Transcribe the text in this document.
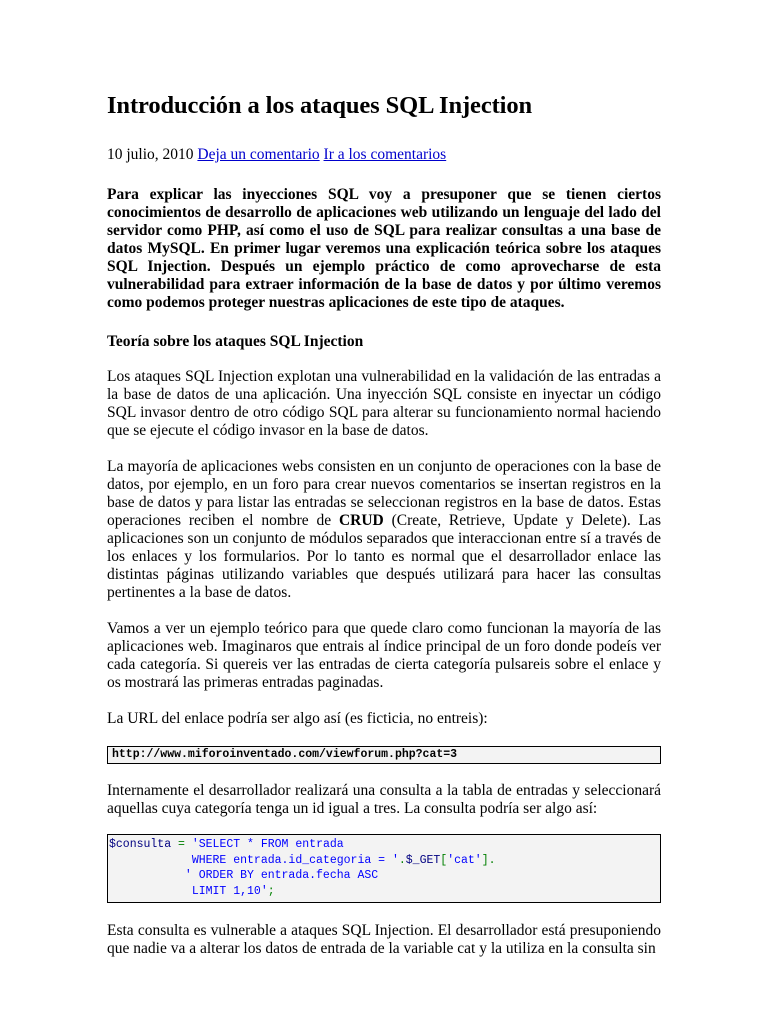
Introducción a los ataques SQL Injection
10 julio, 2010 Deja un comentario Ir a los comentarios

Para explicar las inyecciones SQL voy a presuponer que se tienen ciertos conocimientos de desarrollo de aplicaciones web utilizando un lenguaje del lado del servidor como PHP, así como el uso de SQL para realizar consultas a una base de datos MySQL. En primer lugar veremos una explicación teórica sobre los ataques SQL Injection. Después un ejemplo práctico de como aprovecharse de esta vulnerabilidad para extraer información de la base de datos y por último veremos como podemos proteger nuestras aplicaciones de este tipo de ataques.

Teoría sobre los ataques SQL Injection

Los ataques SQL Injection explotan una vulnerabilidad en la validación de las entradas a la base de datos de una aplicación. Una inyección SQL consiste en inyectar un código SQL invasor dentro de otro código SQL para alterar su funcionamiento normal haciendo que se ejecute el código invasor en la base de datos.

La mayoría de aplicaciones webs consisten en un conjunto de operaciones con la base de datos, por ejemplo, en un foro para crear nuevos comentarios se insertan registros en la base de datos y para listar las entradas se seleccionan registros en la base de datos. Estas operaciones reciben el nombre de CRUD (Create, Retrieve, Update y Delete). Las aplicaciones son un conjunto de módulos separados que interaccionan entre sí a través de los enlaces y los formularios. Por lo tanto es normal que el desarrollador enlace las distintas páginas utilizando variables que después utilizará para hacer las consultas pertinentes a la base de datos.

Vamos a ver un ejemplo teórico para que quede claro como funcionan la mayoría de las aplicaciones web. Imaginaros que entrais al índice principal de un foro donde podeís ver cada categoría. Si quereis ver las entradas de cierta categoría pulsareis sobre el enlace y os mostrará las primeras entradas paginadas.

La URL del enlace podría ser algo así (es ficticia, no entreis):

http://www.miforoinventado.com/viewforum.php?cat=3

Internamente el desarrollador realizará una consulta a la tabla de entradas y seleccionará aquellas cuya categoría tenga un id igual a tres. La consulta podría ser algo así:

$consulta = 'SELECT * FROM entrada
WHERE entrada.id_categoria = '.$_GET['cat'].
' ORDER BY entrada.fecha ASC
LIMIT 1,10';

Esta consulta es vulnerable a ataques SQL Injection. El desarrollador está presuponiendo que nadie va a alterar los datos de entrada de la variable cat y la utiliza en la consulta sin
